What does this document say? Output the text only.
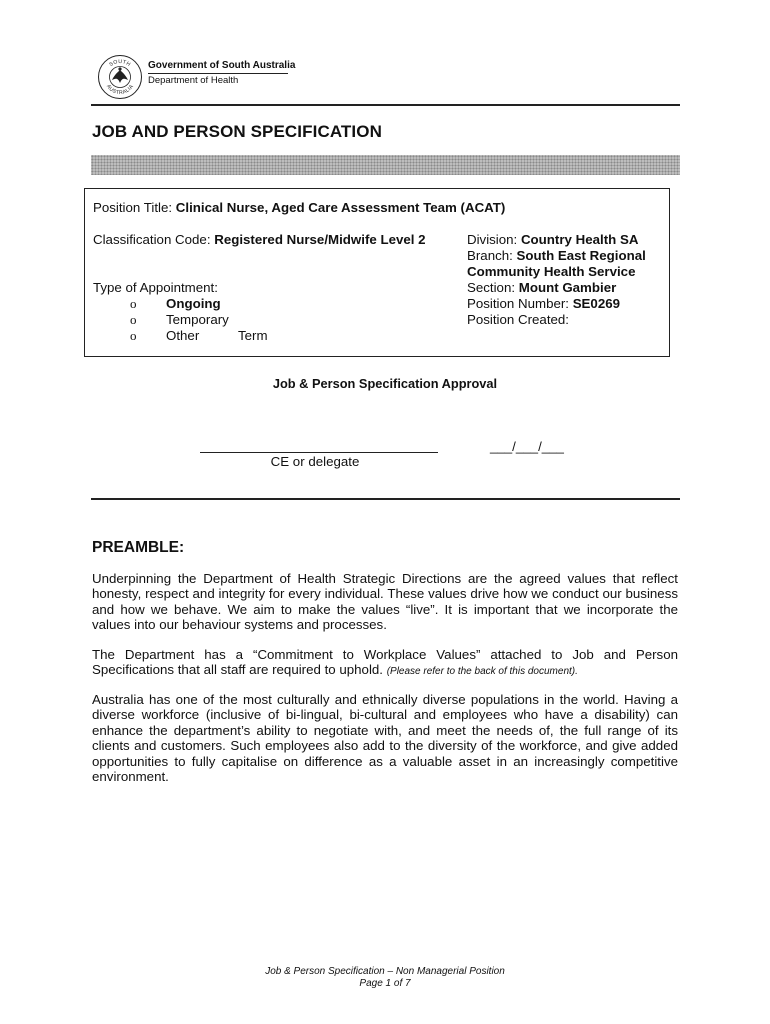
SOUTH
AUSTRALIA
Government of South Australia
Department of Health
JOB AND PERSON SPECIFICATION
Position Title: Clinical Nurse, Aged Care Assessment Team (ACAT)
Classification Code: Registered Nurse/Midwife Level 2	Division: Country Health SA
Branch: South East Regional
Community Health Service
Section: Mount Gambier
Position Number: SE0269
Position Created:
Type of Appointment:
o Ongoing
o Temporary
o Other	Term
Job & Person Specification Approval
CE or delegate
___/___/___
PREAMBLE:
Underpinning the Department of Health Strategic Directions are the agreed values that reflect honesty, respect and integrity for every individual. These values drive how we conduct our business and how we behave. We aim to make the values “live”. It is important that we incorporate the values into our behaviour systems and processes.
The Department has a “Commitment to Workplace Values” attached to Job and Person Specifications that all staff are required to uphold. (Please refer to the back of this document).
Australia has one of the most culturally and ethnically diverse populations in the world. Having a diverse workforce (inclusive of bi-lingual, bi-cultural and employees who have a disability) can enhance the department’s ability to negotiate with, and meet the needs of, the full range of its clients and customers. Such employees also add to the diversity of the workforce, and give added opportunities to fully capitalise on difference as a valuable asset in an increasingly competitive environment.
Job & Person Specification – Non Managerial Position
Page 1 of 7
